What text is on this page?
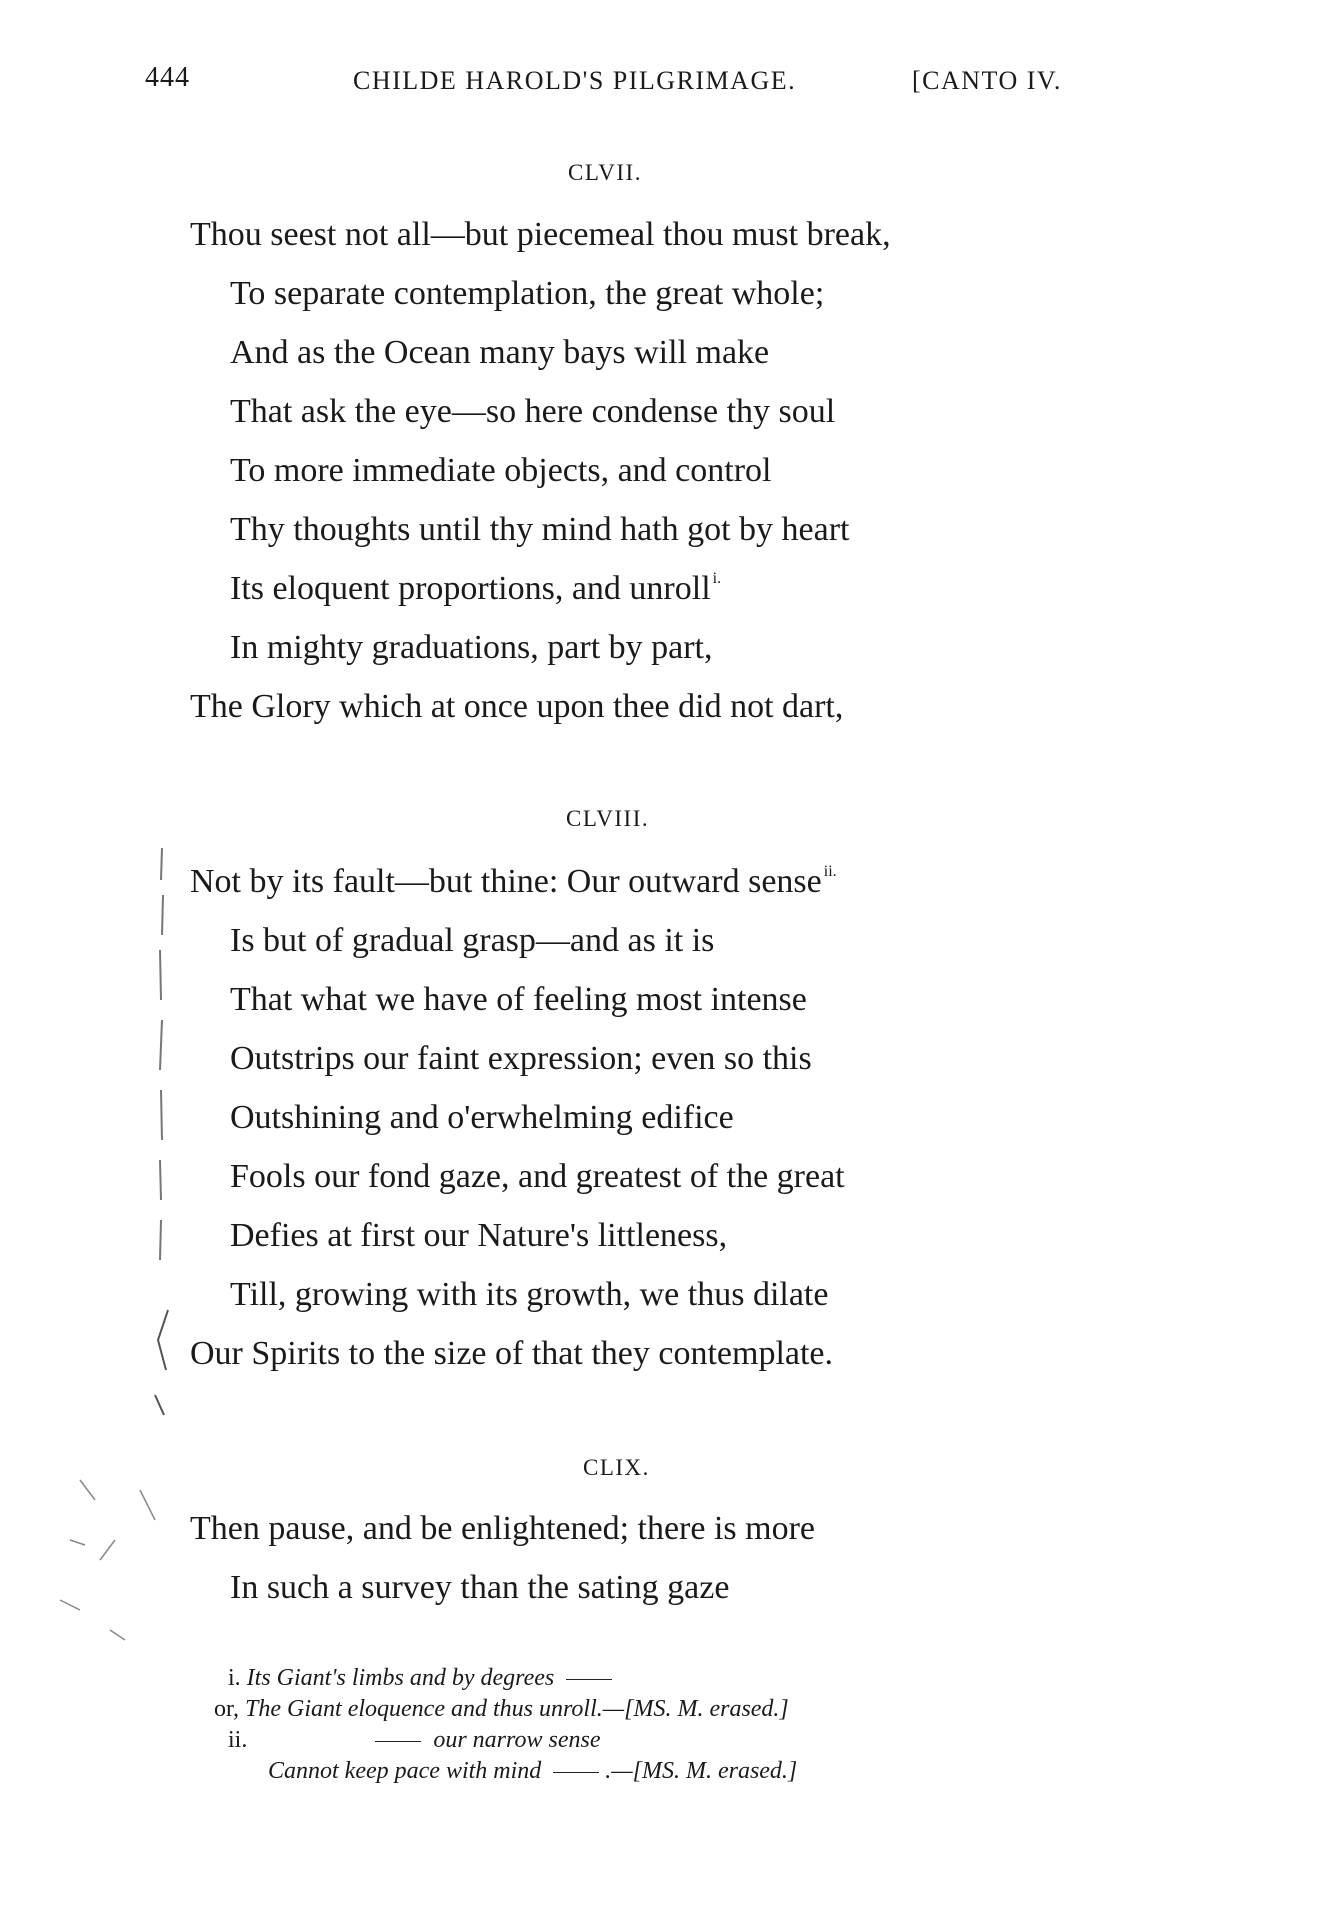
444	CHILDE HAROLD'S PILGRIMAGE.	[CANTO IV.
CLVII.
Thou seest not all—but piecemeal thou must break,
To separate contemplation, the great whole;
And as the Ocean many bays will make
That ask the eye—so here condense thy soul
To more immediate objects, and control
Thy thoughts until thy mind hath got by heart
Its eloquent proportions, and unroll $^{i.}$
In mighty graduations, part by part,
The Glory which at once upon thee did not dart,
CLVIII.
Not by its fault—but thine: Our outward sense $^{ii.}$
Is but of gradual grasp—and as it is
That what we have of feeling most intense
Outstrips our faint expression; even so this
Outshining and o'erwhelming edifice
Fools our fond gaze, and greatest of the great
Defies at first our Nature's littleness,
Till, growing with its growth, we thus dilate
Our Spirits to the size of that they contemplate.
CLIX.
Then pause, and be enlightened; there is more
In such a survey than the sating gaze
i. Its Giant's limbs and by degrees
or, The Giant eloquence and thus unroll.—[MS. M. erased.]
ii.	our narrow sense
Cannot keep pace with mind	.—[MS. M. erased.]
